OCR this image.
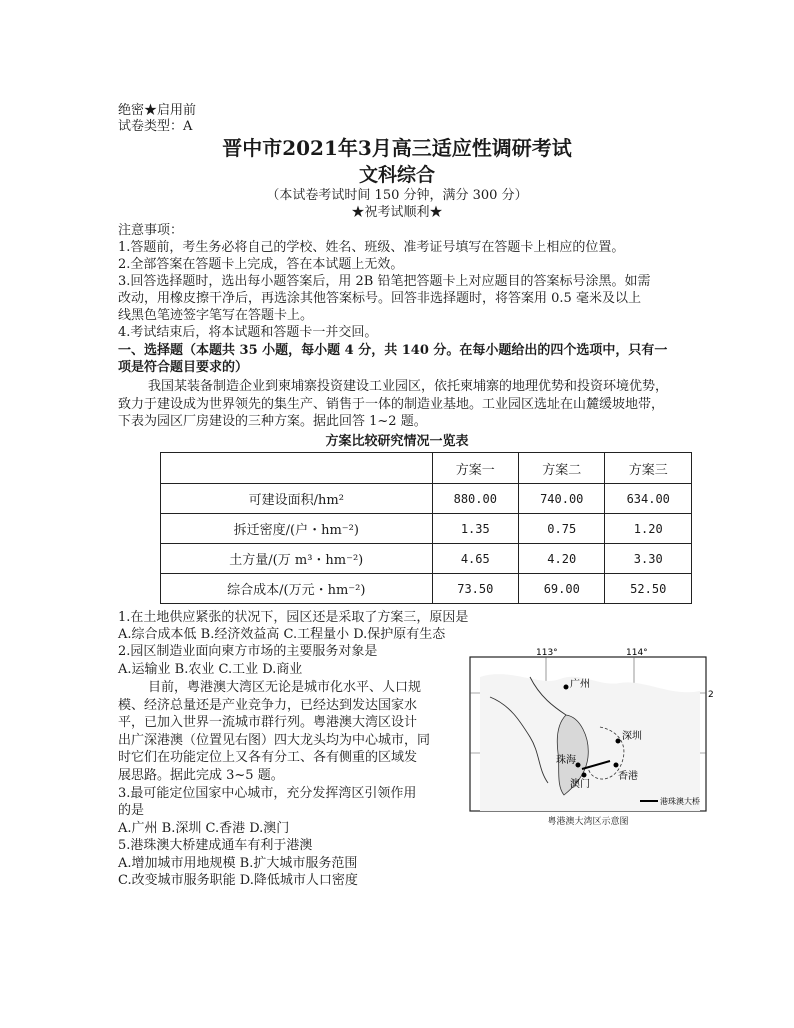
绝密★启用前
试卷类型：A
晋中市2021年3月高三适应性调研考试
文科综合
（本试卷考试时间 150 分钟，满分 300 分）
★祝考试顺利★
注意事项：
1.答题前，考生务必将自己的学校、姓名、班级、准考证号填写在答题卡上相应的位置。
2.全部答案在答题卡上完成，答在本试题上无效。
3.回答选择题时，选出每小题答案后，用 2B 铅笔把答题卡上对应题目的答案标号涂黑。如需
改动，用橡皮擦干净后，再选涂其他答案标号。回答非选择题时，将答案用 0.5 毫米及以上
线黑色笔迹签字笔写在答题卡上。
4.考试结束后，将本试题和答题卡一并交回。
一、选择题（本题共 35 小题，每小题 4 分，共 140 分。在每小题给出的四个选项中，只有一
项是符合题目要求的）
我国某装备制造企业到柬埔寨投资建设工业园区，依托柬埔寨的地理优势和投资环境优势，
致力于建设成为世界领先的集生产、销售于一体的制造业基地。工业园区选址在山麓缓坡地带，
下表为园区厂房建设的三种方案。据此回答 1~2 题。
方案比较研究情况一览表
	方案一	方案二	方案三
可建设面积/hm²	880.00	740.00	634.00
拆迁密度/(户・hm⁻²)	1.35	0.75	1.20
土方量/(万 m³・hm⁻²)	4.65	4.20	3.30
综合成本/(万元・hm⁻²)	73.50	69.00	52.50
1.在土地供应紧张的状况下，园区还是采取了方案三，原因是
A.综合成本低 B.经济效益高 C.工程量小 D.保护原有生态
2.园区制造业面向柬方市场的主要服务对象是
A.运输业 B.农业 C.工业 D.商业
目前，粤港澳大湾区无论是城市化水平、人口规
模、经济总量还是产业竞争力，已经达到发达国家水
平，已加入世界一流城市群行列。粤港澳大湾区设计
出广深港澳（位置见右图）四大龙头均为中心城市，同
时它们在功能定位上又各有分工、各有侧重的区域发
展思路。据此完成 3~5 题。
3.最可能定位国家中心城市，充分发挥湾区引领作用
的是
A.广州 B.深圳 C.香港 D.澳门
5.港珠澳大桥建成通车有利于港澳
A.增加城市用地规模 B.扩大城市服务范围
C.改变城市服务职能 D.降低城市人口密度
113°	114°
2
广州
深圳
珠海
澳门
香港
港珠澳大桥
粤港澳大湾区示意图
